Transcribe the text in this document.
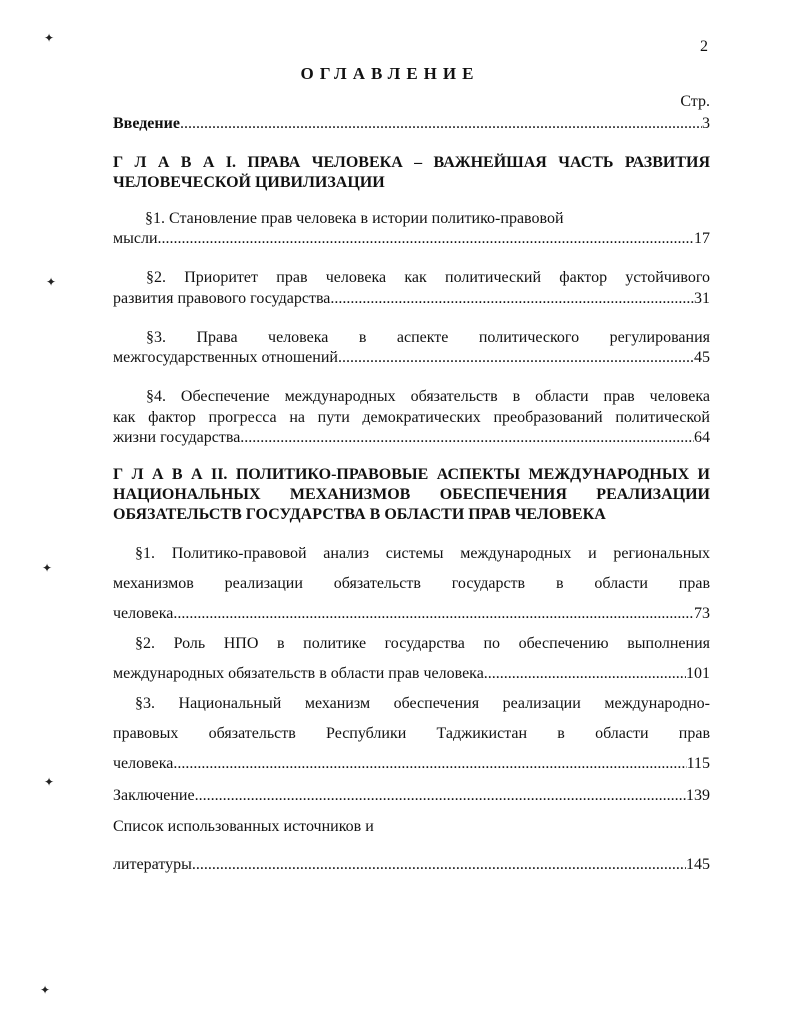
✦
✦
✦
✦
✦
2
ОГЛАВЛЕНИЕ
Стр.
Введение .....	3
Г Л А В А I. ПРАВА ЧЕЛОВЕКА – ВАЖНЕЙШАЯ ЧАСТЬ РАЗВИТИЯ
ЧЕЛОВЕЧЕСКОЙ ЦИВИЛИЗАЦИИ
§1. Становление прав человека в истории политико-правовой
мысли .....	17
§2. Приоритет прав человека как политический фактор устойчивого
развития правового государства .....	31
§3. Права человека в аспекте политического регулирования
межгосударственных отношений .....	45
§4. Обеспечение международных обязательств в области прав человека
как фактор прогресса на пути демократических преобразований политической
жизни государства .....	64
Г Л А В А II. ПОЛИТИКО-ПРАВОВЫЕ АСПЕКТЫ МЕЖДУНАРОДНЫХ И
НАЦИОНАЛЬНЫХ МЕХАНИЗМОВ ОБЕСПЕЧЕНИЯ РЕАЛИЗАЦИИ
ОБЯЗАТЕЛЬСТВ ГОСУДАРСТВА В ОБЛАСТИ ПРАВ ЧЕЛОВЕКА
§1. Политико-правовой анализ системы международных и региональных
механизмов реализации обязательств государств в области прав
человека .....	73
§2. Роль НПО в политике государства по обеспечению выполнения
международных обязательств в области прав человека .....	101
§3. Национальный механизм обеспечения реализации международно-
правовых обязательств Республики Таджикистан в области прав
человека .....	115
Заключение .....	139
Список использованных источников и
литературы .....	145
